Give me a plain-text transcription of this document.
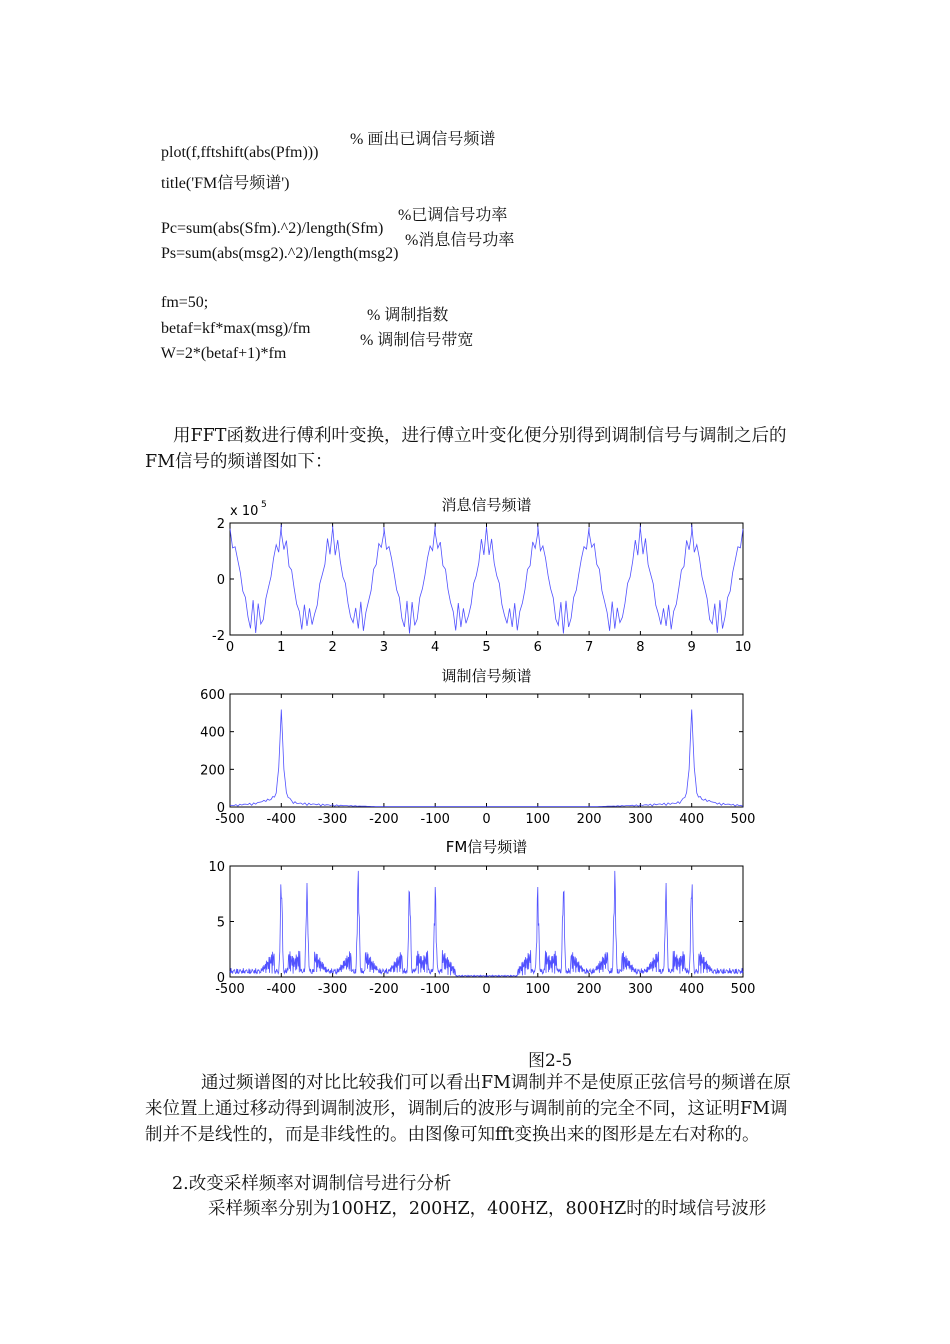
plot(f,fftshift(abs(Pfm)))

% 画出已调信号频谱

title('FM信号频谱')

Pc=sum(abs(Sfm).^2)/length(Sfm)

%已调信号功率

Ps=sum(abs(msg2).^2)/length(msg2)

%消息信号功率

fm=50;

betaf=kf*max(msg)/fm

% 调制指数

W=2*(betaf+1)*fm

% 调制信号带宽

用FFT函数进行傅利叶变换，进行傅立叶变化便分别得到调制信号与调制之后的FM信号的频谱图如下：
消息信号频谱
0	1	2	3	4	5	6	7	8	9	10
-2
0
2
x 10 5
调制信号频谱
-500 -400 -300 -200 -100 0	100 200 300 400 500
0
200
400
600
FM信号频谱
-500 -400 -300 -200 -100 0	100 200 300 400 500
0
5
10
图2-5
通过频谱图的对比比较我们可以看出FM调制并不是使原正弦信号的频谱在原来位置上通过移动得到调制波形，调制后的波形与调制前的完全不同，这证明FM调制并不是线性的，而是非线性的。由图像可知fft变换出来的图形是左右对称的。
2.改变采样频率对调制信号进行分析
采样频率分别为100HZ，200HZ，400HZ，800HZ时的时域信号波形
